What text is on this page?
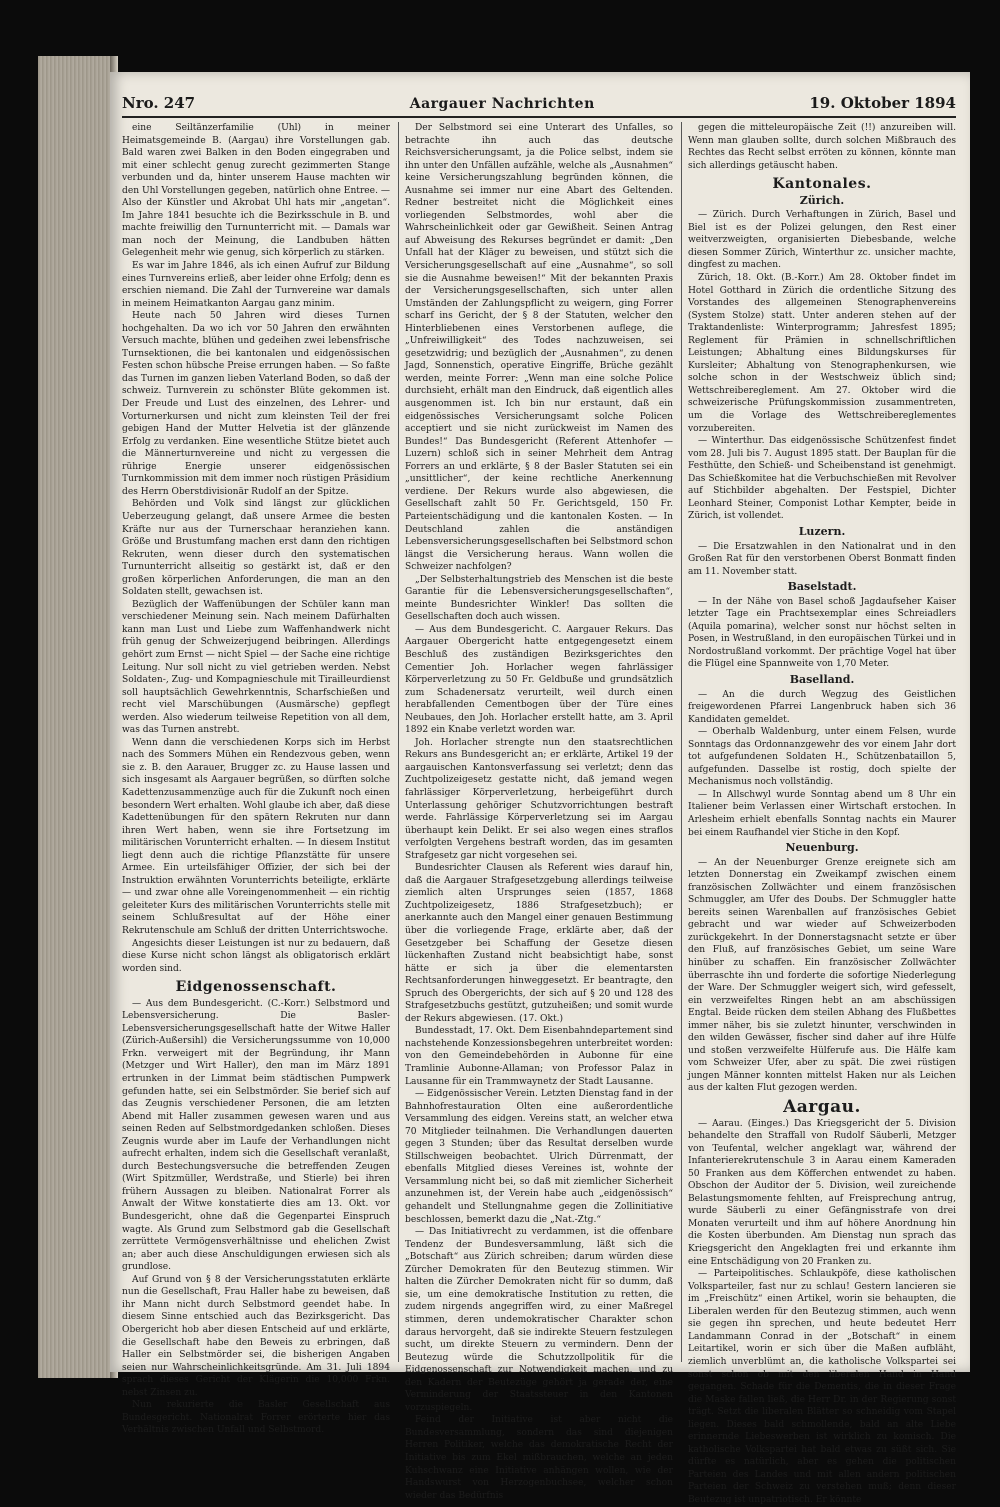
Nro. 247	Aargauer Nachrichten	19. Oktober 1894

eine Seiltänzerfamilie (Uhl) in meiner Heimatsgemeinde B. (Aargau) ihre Vorstellungen gab. Bald waren zwei Balken in den Boden eingegraben und mit einer schlecht genug zurecht gezimmerten Stange verbunden und da, hinter unserem Hause machten wir den Uhl Vorstellungen gegeben, natürlich ohne Entree. — Also der Künstler und Akrobat Uhl hats mir „angetan“. Im Jahre 1841 besuchte ich die Bezirksschule in B. und machte freiwillig den Turnunterricht mit. — Damals war man noch der Meinung, die Landbuben hätten Gelegenheit mehr wie genug, sich körperlich zu stärken.

Es war im Jahre 1846, als ich einen Aufruf zur Bildung eines Turnvereins erließ, aber leider ohne Erfolg; denn es erschien niemand. Die Zahl der Turnvereine war damals in meinem Heimatkanton Aargau ganz minim.

Heute nach 50 Jahren wird dieses Turnen hochgehalten. Da wo ich vor 50 Jahren den erwähnten Versuch machte, blühen und gedeihen zwei lebensfrische Turnsektionen, die bei kantonalen und eidgenössischen Festen schon hübsche Preise errungen haben. — So faßte das Turnen im ganzen lieben Vaterland Boden, so daß der schweiz. Turnverein zu schönster Blüte gekommen ist. Der Freude und Lust des einzelnen, des Lehrer- und Vorturnerkursen und nicht zum kleinsten Teil der frei gebigen Hand der Mutter Helvetia ist der glänzende Erfolg zu verdanken. Eine wesentliche Stütze bietet auch die Männerturnvereine und nicht zu vergessen die rührige Energie unserer eidgenössischen Turnkommission mit dem immer noch rüstigen Präsidium des Herrn Oberstdivisionär Rudolf an der Spitze.

Behörden und Volk sind längst zur glücklichen Ueberzeugung gelangt, daß unsere Armee die besten Kräfte nur aus der Turnerschaar heranziehen kann. Größe und Brustumfang machen erst dann den richtigen Rekruten, wenn dieser durch den systematischen Turnunterricht allseitig so gestärkt ist, daß er den großen körperlichen Anforderungen, die man an den Soldaten stellt, gewachsen ist.

Bezüglich der Waffenübungen der Schüler kann man verschiedener Meinung sein. Nach meinem Dafürhalten kann man Lust und Liebe zum Waffenhandwerk nicht früh genug der Schweizerjugend beibringen. Allerdings gehört zum Ernst — nicht Spiel — der Sache eine richtige Leitung. Nur soll nicht zu viel getrieben werden. Nebst Soldaten-, Zug- und Kompagnieschule mit Tirailleurdienst soll hauptsächlich Gewehrkenntnis, Scharfschießen und recht viel Marschübungen (Ausmärsche) gepflegt werden. Also wiederum teilweise Repetition von all dem, was das Turnen anstrebt.

Wenn dann die verschiedenen Korps sich im Herbst nach des Sommers Mühen ein Rendezvous geben, wenn sie z. B. den Aarauer, Brugger zc. zu Hause lassen und sich insgesamt als Aargauer begrüßen, so dürften solche Kadettenzusammenzüge auch für die Zukunft noch einen besondern Wert erhalten. Wohl glaube ich aber, daß diese Kadettenübungen für den spätern Rekruten nur dann ihren Wert haben, wenn sie ihre Fortsetzung im militärischen Vorunterricht erhalten. — In diesem Institut liegt denn auch die richtige Pflanzstätte für unsere Armee. Ein urteilsfähiger Offizier, der sich bei der Instruktion erwähnten Vorunterrichts beteiligte, erklärte — und zwar ohne alle Voreingenommenheit — ein richtig geleiteter Kurs des militärischen Vorunterrichts stelle mit seinem Schlußresultat auf der Höhe einer Rekrutenschule am Schluß der dritten Unterrichtswoche.

Angesichts dieser Leistungen ist nur zu bedauern, daß diese Kurse nicht schon längst als obligatorisch erklärt worden sind.

Eidgenossenschaft.

— Aus dem Bundesgericht. (C.-Korr.) Selbstmord und Lebensversicherung. Die Basler-Lebensversicherungsgesellschaft hatte der Witwe Haller (Zürich-Außersihl) die Versicherungssumme von 10,000 Frkn. verweigert mit der Begründung, ihr Mann (Metzger und Wirt Haller), den man im März 1891 ertrunken in der Limmat beim städtischen Pumpwerk gefunden hatte, sei ein Selbstmörder. Sie berief sich auf das Zeugnis verschiedener Personen, die am letzten Abend mit Haller zusammen gewesen waren und aus seinen Reden auf Selbstmordgedanken schloßen. Dieses Zeugnis wurde aber im Laufe der Verhandlungen nicht aufrecht erhalten, indem sich die Gesellschaft veranlaßt, durch Bestechungsversuche die betreffenden Zeugen (Wirt Spitzmüller, Werdstraße, und Stierle) bei ihren frühern Aussagen zu bleiben. Nationalrat Forrer als Anwalt der Witwe konstatierte dies am 13. Okt. vor Bundesgericht, ohne daß die Gegenpartei Einspruch wagte. Als Grund zum Selbstmord gab die Gesellschaft zerrüttete Vermögensverhältnisse und ehelichen Zwist an; aber auch diese Anschuldigungen erwiesen sich als grundlose.

Auf Grund von § 8 der Versicherungsstatuten erklärte nun die Gesellschaft, Frau Haller habe zu beweisen, daß ihr Mann nicht durch Selbstmord geendet habe. In diesem Sinne entschied auch das Bezirksgericht. Das Obergericht hob aber diesen Entscheid auf und erklärte, die Gesellschaft habe den Beweis zu erbringen, daß Haller ein Selbstmörder sei, die bisherigen Angaben seien nur Wahrscheinlichkeitsgründe. Am 31. Juli 1894 sprach dieses Gericht der Klägerin die 10,000 Frkn. nebst Zinsen zu.

Nun rekurierte die Basler Gesellschaft aus Bundesgericht. Nationalrat Forrer erörterte hier das Verhältnis zwischen Unfall und Selbstmord.

Der Selbstmord sei eine Unterart des Unfalles, so betrachte ihn auch das deutsche Reichsversicherungsamt, ja die Police selbst, indem sie ihn unter den Unfällen aufzähle, welche als „Ausnahmen“ keine Versicherungszahlung begründen können, die Ausnahme sei immer nur eine Abart des Geltenden. Redner bestreitet nicht die Möglichkeit eines vorliegenden Selbstmordes, wohl aber die Wahrscheinlichkeit oder gar Gewißheit. Seinen Antrag auf Abweisung des Rekurses begründet er damit: „Den Unfall hat der Kläger zu beweisen, und stützt sich die Versicherungsgesellschaft auf eine „Ausnahme“, so soll sie die Ausnahme beweisen!“ Mit der bekannten Praxis der Versicherungsgesellschaften, sich unter allen Umständen der Zahlungspflicht zu weigern, ging Forrer scharf ins Gericht, der § 8 der Statuten, welcher den Hinterbliebenen eines Verstorbenen auflege, die „Unfreiwilligkeit“ des Todes nachzuweisen, sei gesetzwidrig; und bezüglich der „Ausnahmen“, zu denen Jagd, Sonnenstich, operative Eingriffe, Brüche gezählt werden, meinte Forrer: „Wenn man eine solche Police durchsieht, erhält man den Eindruck, daß eigentlich alles ausgenommen ist. Ich bin nur erstaunt, daß ein eidgenössisches Versicherungsamt solche Policen acceptiert und sie nicht zurückweist im Namen des Bundes!“ Das Bundesgericht (Referent Attenhofer — Luzern) schloß sich in seiner Mehrheit dem Antrag Forrers an und erklärte, § 8 der Basler Statuten sei ein „unsittlicher“, der keine rechtliche Anerkennung verdiene. Der Rekurs wurde also abgewiesen, die Gesellschaft zahlt 50 Fr. Gerichtsgeld, 150 Fr. Parteientschädigung und die kantonalen Kosten. — In Deutschland zahlen die anständigen Lebensversicherungsgesellschaften bei Selbstmord schon längst die Versicherung heraus. Wann wollen die Schweizer nachfolgen?

„Der Selbsterhaltungstrieb des Menschen ist die beste Garantie für die Lebensversicherungsgesellschaften“, meinte Bundesrichter Winkler! Das sollten die Gesellschaften doch auch wissen.

— Aus dem Bundesgericht. C. Aargauer Rekurs. Das Aargauer Obergericht hatte entgegengesetzt einem Beschluß des zuständigen Bezirksgerichtes den Cementier Joh. Horlacher wegen fahrlässiger Körperverletzung zu 50 Fr. Geldbuße und grundsätzlich zum Schadenersatz verurteilt, weil durch einen herabfallenden Cementbogen über der Türe eines Neubaues, den Joh. Horlacher erstellt hatte, am 3. April 1892 ein Knabe verletzt worden war.

Joh. Horlacher strengte nun den staatsrechtlichen Rekurs ans Bundesgericht an; er erklärte, Artikel 19 der aargauischen Kantonsverfassung sei verletzt; denn das Zuchtpolizeigesetz gestatte nicht, daß jemand wegen fahrlässiger Körperverletzung, herbeigeführt durch Unterlassung gehöriger Schutzvorrichtungen bestraft werde. Fahrlässige Körperverletzung sei im Aargau überhaupt kein Delikt. Er sei also wegen eines straflos verfolgten Vergehens bestraft worden, das im gesamten Strafgesetz gar nicht vorgesehen sei.

Bundesrichter Clausen als Referent wies darauf hin, daß die Aargauer Strafgesetzgebung allerdings teilweise ziemlich alten Ursprunges seien (1857, 1868 Zuchtpolizeigesetz, 1886 Strafgesetzbuch); er anerkannte auch den Mangel einer genauen Bestimmung über die vorliegende Frage, erklärte aber, daß der Gesetzgeber bei Schaffung der Gesetze diesen lückenhaften Zustand nicht beabsichtigt habe, sonst hätte er sich ja über die elementarsten Rechtsanforderungen hinweggesetzt. Er beantragte, den Spruch des Obergerichts, der sich auf § 20 und 128 des Strafgesetzbuchs gestützt, gutzuheißen; und somit wurde der Rekurs abgewiesen. (17. Okt.)

Bundesstadt, 17. Okt. Dem Eisenbahndepartement sind nachstehende Konzessionsbegehren unterbreitet worden: von den Gemeindebehörden in Aubonne für eine Tramlinie Aubonne-Allaman; von Professor Palaz in Lausanne für ein Trammwaynetz der Stadt Lausanne.

— Eidgenössischer Verein. Letzten Dienstag fand in der Bahnhofrestauration Olten eine außerordentliche Versammlung des eidgen. Vereins statt, an welcher etwa 70 Mitglieder teilnahmen. Die Verhandlungen dauerten gegen 3 Stunden; über das Resultat derselben wurde Stillschweigen beobachtet. Ulrich Dürrenmatt, der ebenfalls Mitglied dieses Vereines ist, wohnte der Versammlung nicht bei, so daß mit ziemlicher Sicherheit anzunehmen ist, der Verein habe auch „eidgenössisch“ gehandelt und Stellungnahme gegen die Zollinitiative beschlossen, bemerkt dazu die „Nat.-Ztg.“

— Das Initiativrecht zu verdammen, ist die offenbare Tendenz der Bundesversammlung, läßt sich die „Botschaft“ aus Zürich schreiben; darum würden diese Zürcher Demokraten für den Beutezug stimmen. Wir halten die Zürcher Demokraten nicht für so dumm, daß sie, um eine demokratische Institution zu retten, die zudem nirgends angegriffen wird, zu einer Maßregel stimmen, deren undemokratischer Charakter schon daraus hervorgeht, daß sie indirekte Steuern festzulegen sucht, um direkte Steuern zu vermindern. Denn der Beutezug würde die Schutzzollpolitik für die Eidgenossenschaft zur Notwendigkeit machen, und zu den Kadern der Beutezüge gehört ja gerade der, eine Verminderung der Staatssteuer in den Kantonen vorzuspiegeln.

Feind der Initiative ist aber nicht die Bundesversammlung, sondern das sind diejenigen Herren Politiker, welche das demokratische Recht der Initiative bis zum Ekel mißbrauchen, welche an jeden Kuhschwanz eine Initiative anhängen wollen, wie der Handswurst von Herzogenbuchsee, welcher schon wieder das Bedürfnis

gegen die mitteleuropäische Zeit (!!) anzureiben will. Wenn man glauben sollte, durch solchen Mißbrauch des Rechtes das Recht selbst erröten zu können, könnte man sich allerdings getäuscht haben.

Kantonales.
Zürich.

— Zürich. Durch Verhaftungen in Zürich, Basel und Biel ist es der Polizei gelungen, den Rest einer weitverzweigten, organisierten Diebesbande, welche diesen Sommer Zürich, Winterthur zc. unsicher machte, dingfest zu machen.

Zürich, 18. Okt. (B.-Korr.) Am 28. Oktober findet im Hotel Gotthard in Zürich die ordentliche Sitzung des Vorstandes des allgemeinen Stenographenvereins (System Stolze) statt. Unter anderen stehen auf der Traktandenliste: Winterprogramm; Jahresfest 1895; Reglement für Prämien in schnellschriftlichen Leistungen; Abhaltung eines Bildungskurses für Kursleiter; Abhaltung von Stenographenkursen, wie solche schon in der Westschweiz üblich sind; Wettschreibereglement. Am 27. Oktober wird die schweizerische Prüfungskommission zusammentreten, um die Vorlage des Wettschreibereglementes vorzubereiten.

— Winterthur. Das eidgenössische Schützenfest findet vom 28. Juli bis 7. August 1895 statt. Der Bauplan für die Festhütte, den Schieß- und Scheibenstand ist genehmigt. Das Schießkomitee hat die Verbuchschießen mit Revolver auf Stichbilder abgehalten. Der Festspiel, Dichter Leonhard Steiner, Componist Lothar Kempter, beide in Zürich, ist vollendet.

Luzern.

— Die Ersatzwahlen in den Nationalrat und in den Großen Rat für den verstorbenen Oberst Bonmatt finden am 11. November statt.

Baselstadt.

— In der Nähe von Basel schoß Jagdaufseher Kaiser letzter Tage ein Prachtsexemplar eines Schreiadlers (Aquila pomarina), welcher sonst nur höchst selten in Posen, in Westrußland, in den europäischen Türkei und in Nordostrußland vorkommt. Der prächtige Vogel hat über die Flügel eine Spannweite von 1,70 Meter.

Baselland.

— An die durch Wegzug des Geistlichen freigewordenen Pfarrei Langenbruck haben sich 36 Kandidaten gemeldet.

— Oberhalb Waldenburg, unter einem Felsen, wurde Sonntags das Ordonnanzgewehr des vor einem Jahr dort tot aufgefundenen Soldaten H., Schützenbataillon 5, aufgefunden. Dasselbe ist rostig, doch spielte der Mechanismus noch vollständig.

— In Allschwyl wurde Sonntag abend um 8 Uhr ein Italiener beim Verlassen einer Wirtschaft erstochen. In Arlesheim erhielt ebenfalls Sonntag nachts ein Maurer bei einem Raufhandel vier Stiche in den Kopf.

Neuenburg.

— An der Neuenburger Grenze ereignete sich am letzten Donnerstag ein Zweikampf zwischen einem französischen Zollwächter und einem französischen Schmuggler, am Ufer des Doubs. Der Schmuggler hatte bereits seinen Warenballen auf französisches Gebiet gebracht und war wieder auf Schweizerboden zurückgekehrt. In der Donnerstagsnacht setzte er über den Fluß, auf französisches Gebiet, um seine Ware hinüber zu schaffen. Ein französischer Zollwächter überraschte ihn und forderte die sofortige Niederlegung der Ware. Der Schmuggler weigert sich, wird gefesselt, ein verzweifeltes Ringen hebt an am abschüssigen Engtal. Beide rücken dem steilen Abhang des Flußbettes immer näher, bis sie zuletzt hinunter, verschwinden in den wilden Gewässer, fischer sind daher auf ihre Hülfe und stoßen verzweifelte Hülferufe aus. Die Hälfe kam vom Schweizer Ufer, aber zu spät. Die zwei rüstigen jungen Männer konnten mittelst Haken nur als Leichen aus der kalten Flut gezogen werden.

Aargau.

— Aarau. (Einges.) Das Kriegsgericht der 5. Division behandelte den Straffall von Rudolf Säuberli, Metzger von Teufental, welcher angeklagt war, während der Infanterierekrutenschule 3 in Aarau einem Kameraden 50 Franken aus dem Köfferchen entwendet zu haben. Obschon der Auditor der 5. Division, weil zureichende Belastungsmomente fehlten, auf Freisprechung antrug, wurde Säuberli zu einer Gefängnisstrafe von drei Monaten verurteilt und ihm auf höhere Anordnung hin die Kosten überbunden. Am Dienstag nun sprach das Kriegsgericht den Angeklagten frei und erkannte ihm eine Entschädigung von 20 Franken zu.

— Parteipolitisches. Schlaukpöfe, diese katholischen Volksparteiler, fast nur zu schlau! Gestern lancieren sie im „Freischütz“ einen Artikel, worin sie behaupten, die Liberalen werden für den Beutezug stimmen, auch wenn sie gegen ihn sprechen, und heute bedeutet Herr Landammann Conrad in der „Botschaft“ in einem Leitartikel, worin er sich über die Maßen aufbläht, ziemlich unverblümt an, die katholische Volkspartei sei sonst schon ob mit den liberalen Hand in Hand gegangen. Schade für die Dementis, die in dieser Frage die Maske fallen ließ, die Herr Dr. in der Regierung sonst trägt. Setzt die liberalen Blätter so schneidig vom Stapel liegen. Dieses bald schmollende, bald an alte Liebe erinnernde Liebeswerben ist wirklich zu komisch. Die katholische Volkspartei hat bald etwas zu süßt sich. Sie dürfte es natürlich, aber es gehen die politischen Parteien des Landes und mit allen andern politischen Parteien der Schweiz zu verstehen muß; denn dieser Beutezug ist unpatriotisch. Er könnte
